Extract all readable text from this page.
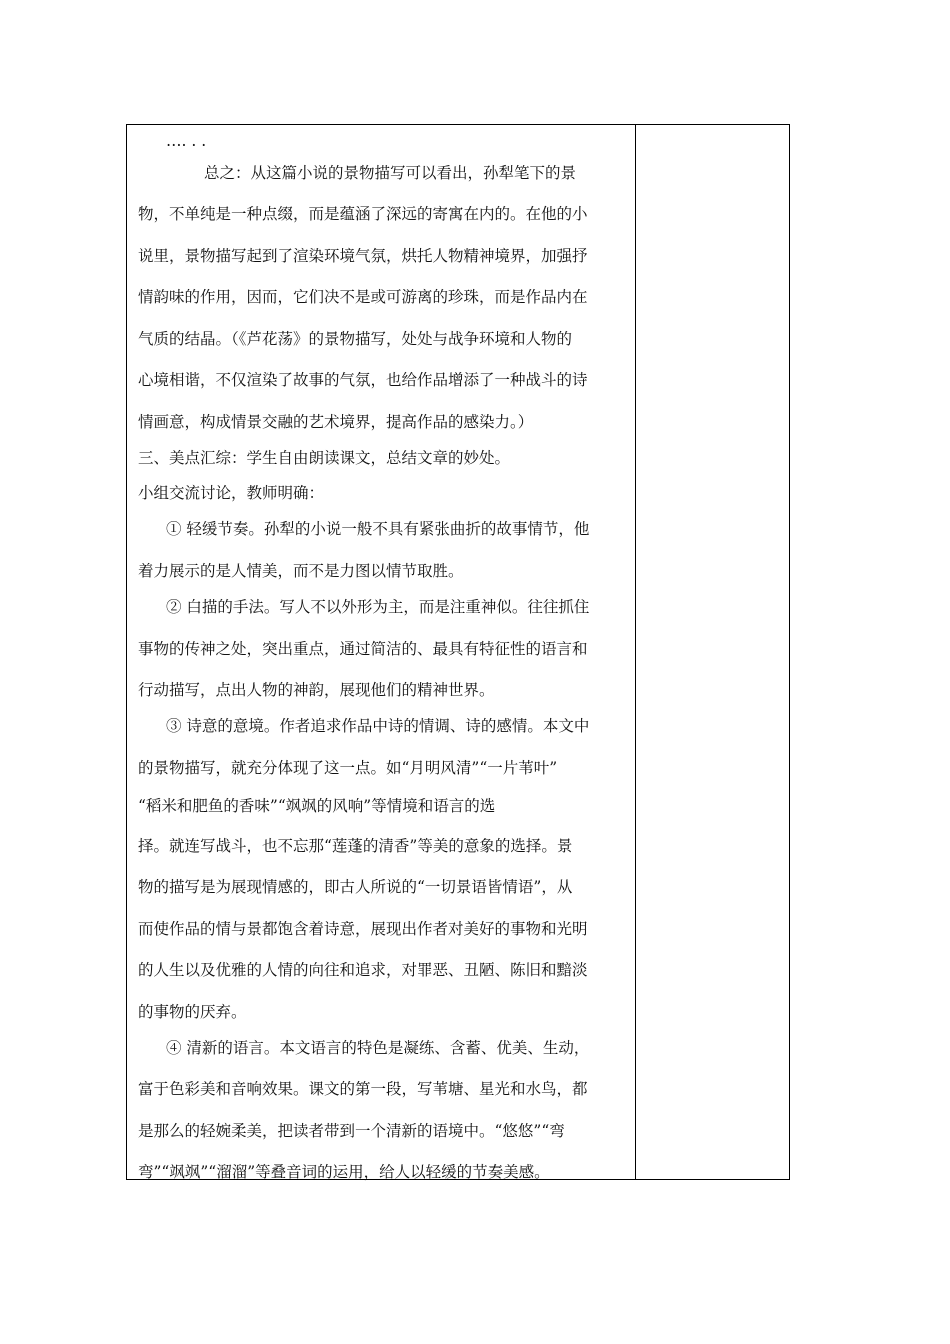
…. . .
总之：从这篇小说的景物描写可以看出，孙犁笔下的景
物，不单纯是一种点缀，而是蕴涵了深远的寄寓在内的。在他的小
说里，景物描写起到了渲染环境气氛，烘托人物精神境界，加强抒
情韵味的作用，因而，它们决不是或可游离的珍珠，而是作品内在
气质的结晶。（《芦花荡》的景物描写，处处与战争环境和人物的
心境相谐，不仅渲染了故事的气氛，也给作品增添了一种战斗的诗
情画意，构成情景交融的艺术境界，提高作品的感染力。）
三、美点汇综：学生自由朗读课文，总结文章的妙处。
小组交流讨论，教师明确：
① 轻缓节奏。孙犁的小说一般不具有紧张曲折的故事情节，他
着力展示的是人情美，而不是力图以情节取胜。
② 白描的手法。写人不以外形为主，而是注重神似。往往抓住
事物的传神之处，突出重点，通过简洁的、最具有特征性的语言和
行动描写，点出人物的神韵，展现他们的精神世界。
③ 诗意的意境。作者追求作品中诗的情调、诗的感情。本文中
的景物描写，就充分体现了这一点。如“月明风清”“一片苇叶”
“稻米和肥鱼的香味”“飒飒的风响”等情境和语言的选
择。就连写战斗，也不忘那“莲蓬的清香”等美的意象的选择。景
物的描写是为展现情感的，即古人所说的“一切景语皆情语”，从
而使作品的情与景都饱含着诗意，展现出作者对美好的事物和光明
的人生以及优雅的人情的向往和追求，对罪恶、丑陋、陈旧和黯淡
的事物的厌弃。
④ 清新的语言。本文语言的特色是凝练、含蓄、优美、生动，
富于色彩美和音响效果。课文的第一段，写苇塘、星光和水鸟，都
是那么的轻婉柔美，把读者带到一个清新的语境中。“悠悠”“弯
弯”“飒飒”“溜溜”等叠音词的运用，给人以轻缓的节奏美感。
